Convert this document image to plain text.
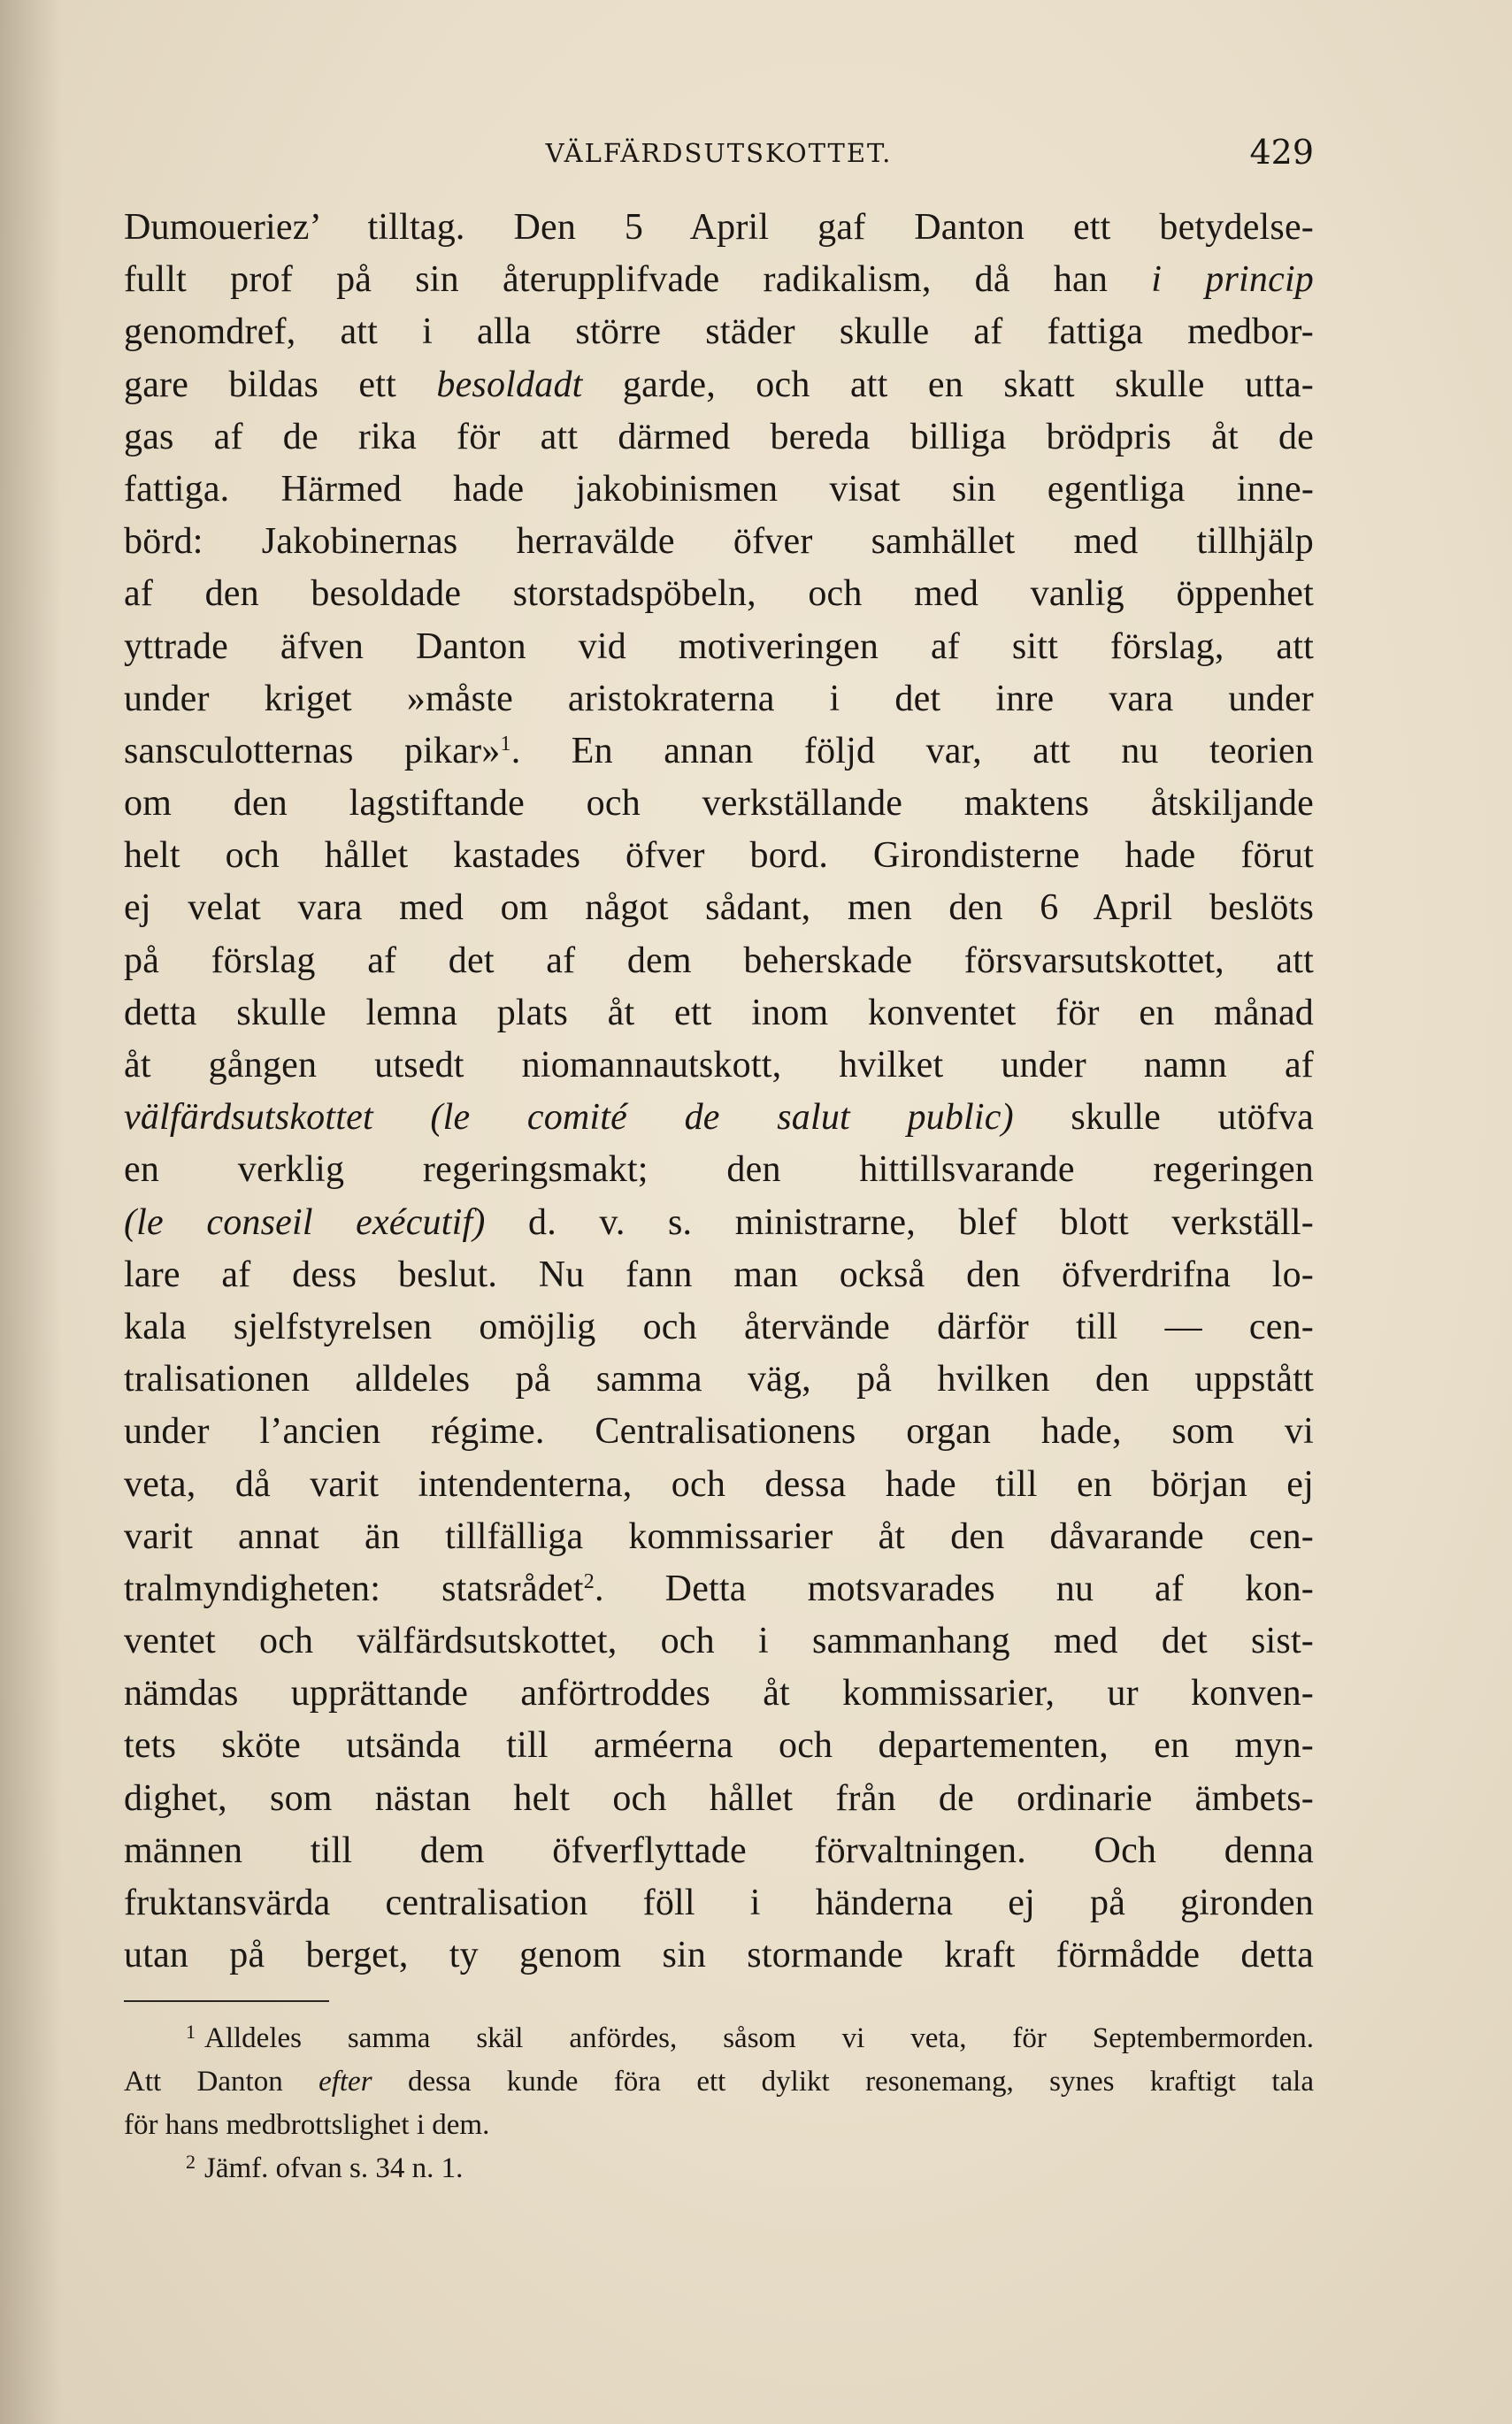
VÄLFÄRDSUTSKOTTET.	429
Dumoueriez’ tilltag. Den 5 April gaf Danton ett betydelse-
fullt prof på sin återupplifvade radikalism, då han i princip
genomdref, att i alla större städer skulle af fattiga medbor-
gare bildas ett besoldadt garde, och att en skatt skulle utta-
gas af de rika för att därmed bereda billiga brödpris åt de
fattiga. Härmed hade jakobinismen visat sin egentliga inne-
börd: Jakobinernas herravälde öfver samhället med tillhjälp
af den besoldade storstadspöbeln, och med vanlig öppenhet
yttrade äfven Danton vid motiveringen af sitt förslag, att
under kriget »måste aristokraterna i det inre vara under
sansculotternas pikar»$^1$. En annan följd var, att nu teorien
om den lagstiftande och verkställande maktens åtskiljande
helt och hållet kastades öfver bord. Girondisterne hade förut
ej velat vara med om något sådant, men den 6 April beslöts
på förslag af det af dem beherskade försvarsutskottet, att
detta skulle lemna plats åt ett inom konventet för en månad
åt gången utsedt niomannautskott, hvilket under namn af
välfärdsutskottet (le comité de salut public) skulle utöfva
en verklig regeringsmakt; den hittillsvarande regeringen
(le conseil exécutif) d. v. s. ministrarne, blef blott verkställ-
lare af dess beslut. Nu fann man också den öfverdrifna lo-
kala sjelfstyrelsen omöjlig och återvände därför till — cen-
tralisationen alldeles på samma väg, på hvilken den uppstått
under l’ancien régime. Centralisationens organ hade, som vi
veta, då varit intendenterna, och dessa hade till en början ej
varit annat än tillfälliga kommissarier åt den dåvarande cen-
tralmyndigheten: statsrådet$^2$. Detta motsvarades nu af kon-
ventet och välfärdsutskottet, och i sammanhang med det sist-
nämdas upprättande anförtroddes åt kommissarier, ur konven-
tets sköte utsända till arméerna och departementen, en myn-
dighet, som nästan helt och hållet från de ordinarie ämbets-
männen till dem öfverflyttade förvaltningen. Och denna
fruktansvärda centralisation föll i händerna ej på gironden
utan på berget, ty genom sin stormande kraft förmådde detta
$^1$ Alldeles samma skäl anfördes, såsom vi veta, för Septembermorden.
Att Danton efter dessa kunde föra ett dylikt resonemang, synes kraftigt tala
för hans medbrottslighet i dem.
$^2$ Jämf. ofvan s. 34 n. 1.
